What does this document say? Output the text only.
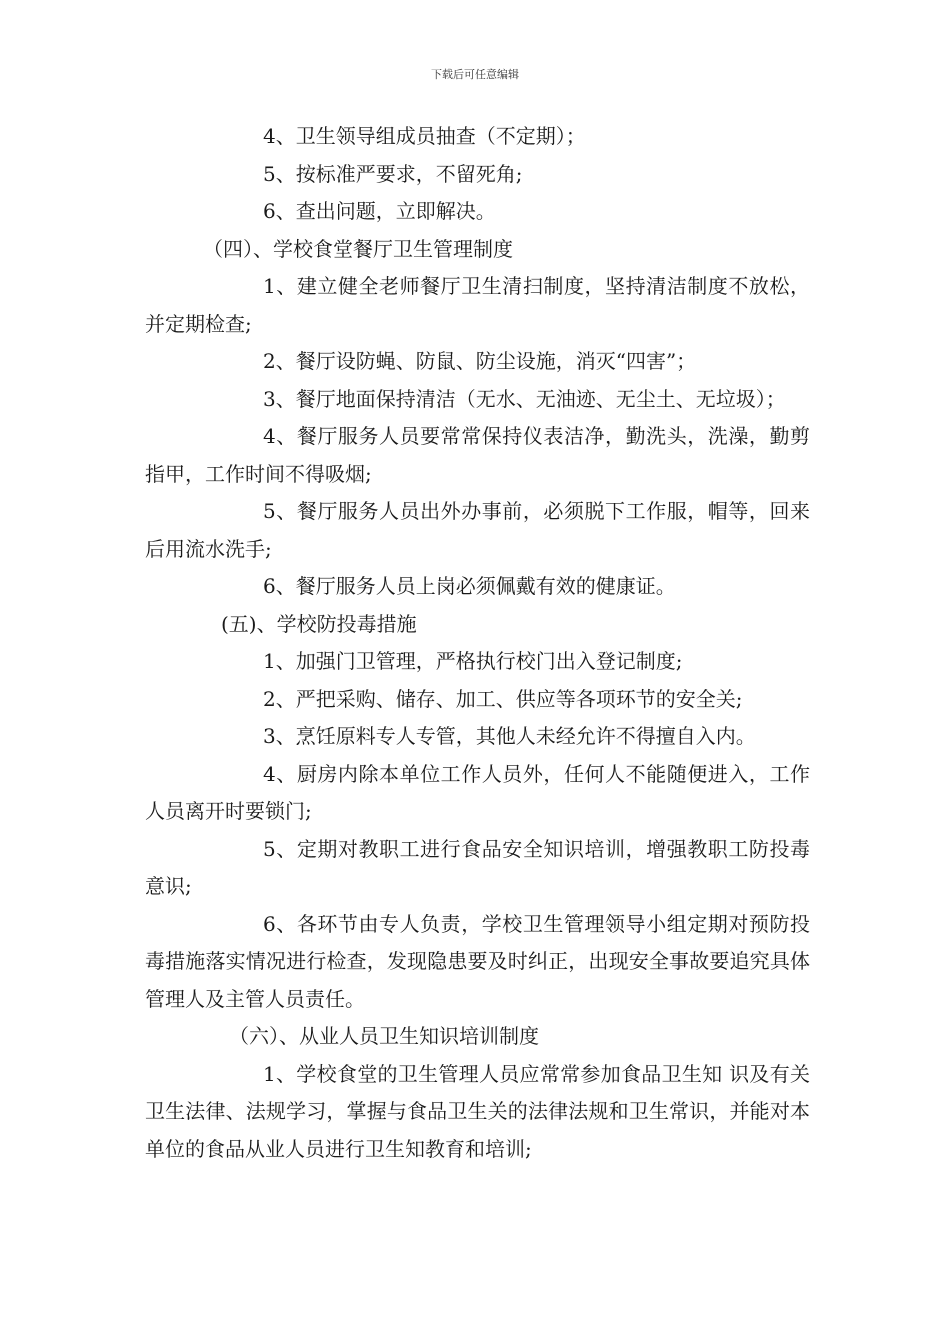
下载后可任意编辑
4、卫生领导组成员抽查（不定期）；
5、按标准严要求，不留死角;
6、查出问题，立即解决。
（四）、学校食堂餐厅卫生管理制度
1、建立健全老师餐厅卫生清扫制度，坚持清洁制度不放松，并定期检查;
2、餐厅设防蝇、防鼠、防尘设施，消灭“四害”；
3、餐厅地面保持清洁（无水、无油迹、无尘土、无垃圾）；
4、餐厅服务人员要常常保持仪表洁净，勤洗头，洗澡，勤剪指甲，工作时间不得吸烟;
5、餐厅服务人员出外办事前，必须脱下工作服，帽等，回来后用流水洗手;
6、餐厅服务人员上岗必须佩戴有效的健康证。
(五)、学校防投毒措施
1、加强门卫管理，严格执行校门出入登记制度;
2、严把采购、储存、加工、供应等各项环节的安全关;
3、烹饪原料专人专管，其他人未经允许不得擅自入内。
4、厨房内除本单位工作人员外，任何人不能随便进入，工作人员离开时要锁门;
5、定期对教职工进行食品安全知识培训，增强教职工防投毒意识;
6、各环节由专人负责，学校卫生管理领导小组定期对预防投毒措施落实情况进行检查，发现隐患要及时纠正，出现安全事故要追究具体管理人及主管人员责任。
（六）、从业人员卫生知识培训制度
1、学校食堂的卫生管理人员应常常参加食品卫生知 识及有关卫生法律、法规学习，掌握与食品卫生关的法律法规和卫生常识，并能对本单位的食品从业人员进行卫生知教育和培训;
